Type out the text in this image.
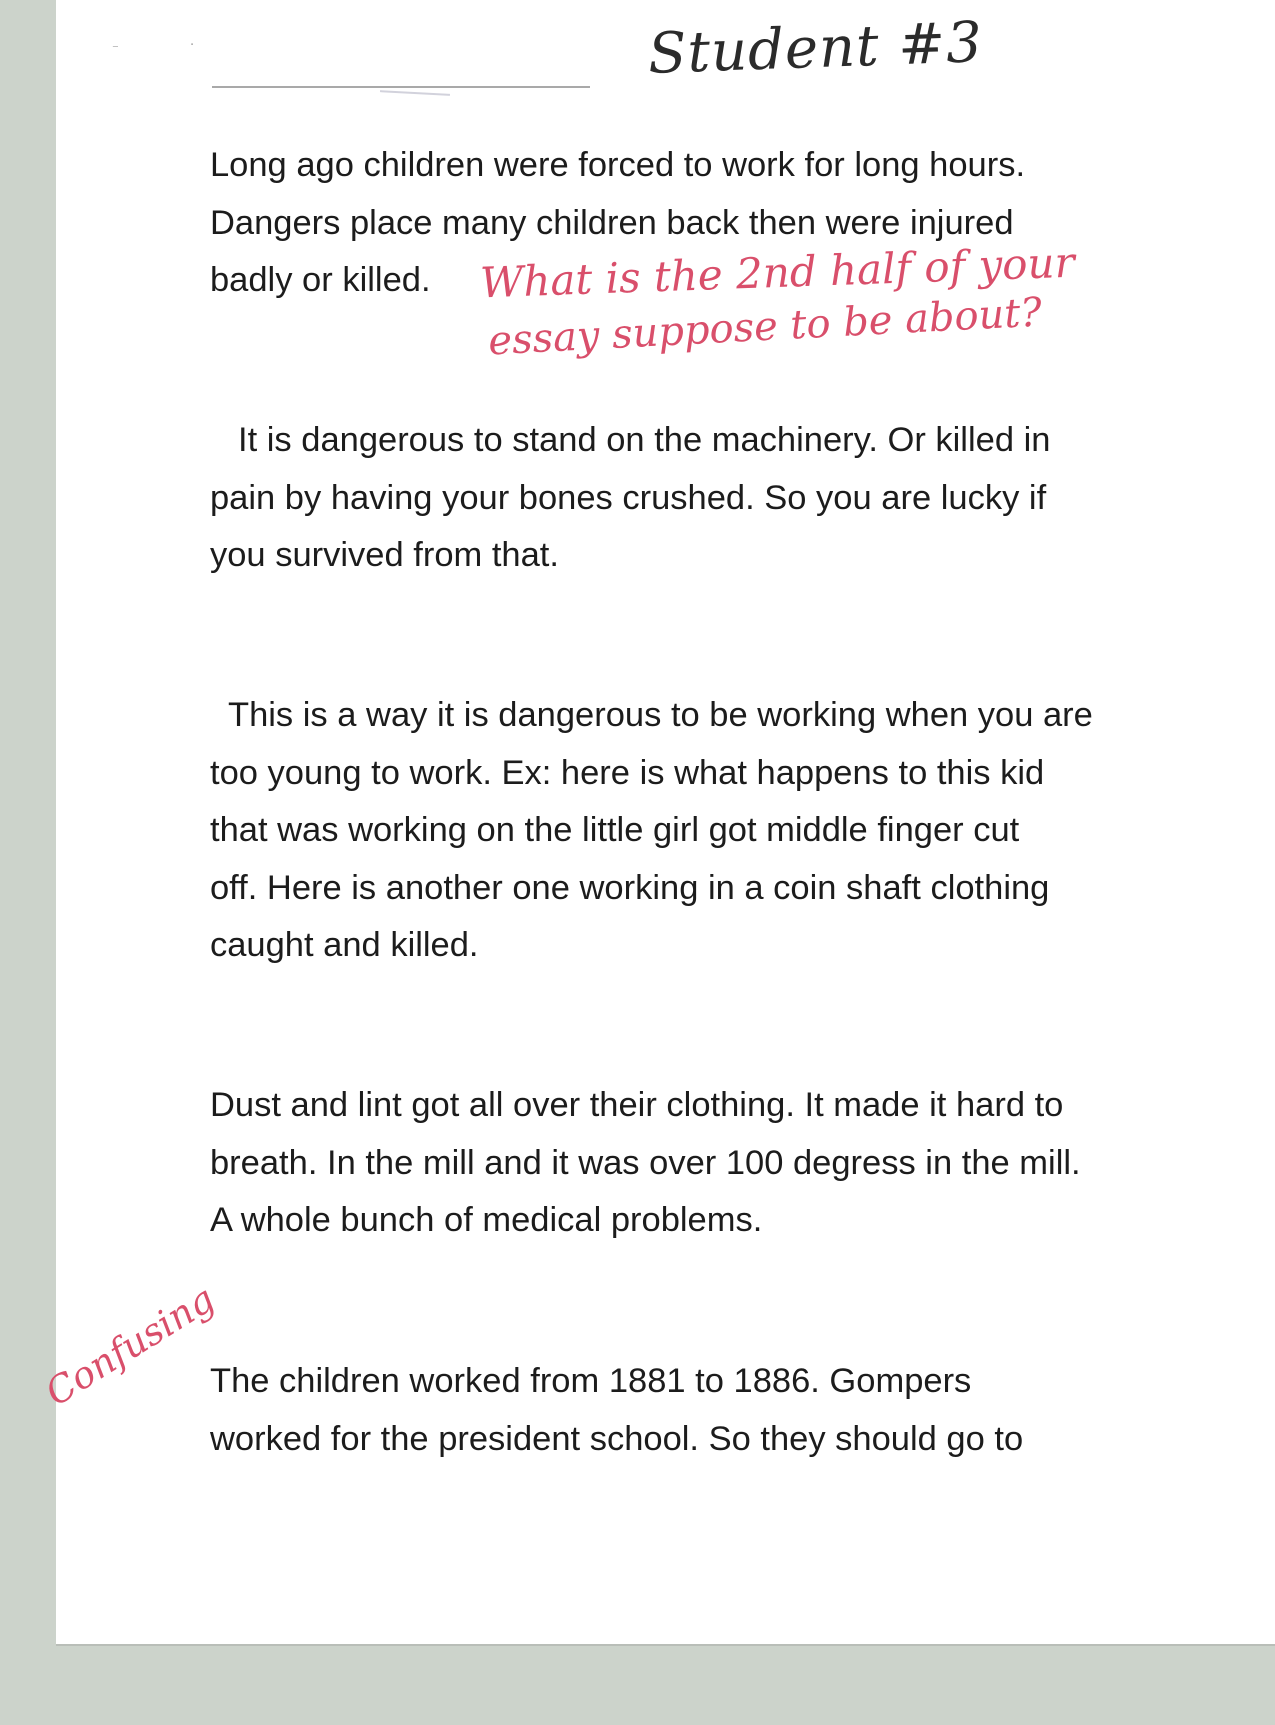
⁻	·	Student #3
Long ago children were forced to work for long hours.
Dangers place many children back then were injured
badly or killed.	What is the 2nd half of your
essay suppose to be about?
It is dangerous to stand on the machinery. Or killed in
pain by having your bones crushed. So you are lucky if
you survived from that.
This is a way it is dangerous to be working when you are
too young to work. Ex: here is what happens to this kid
that was working on the little girl got middle finger cut
off. Here is another one working in a coin shaft clothing
caught and killed.
Dust and lint got all over their clothing. It made it hard to
breath. In the mill and it was over 100 degress in the mill.
A whole bunch of medical problems.
Confusing
The children worked from 1881 to 1886. Gompers
worked for the president school. So they should go to
